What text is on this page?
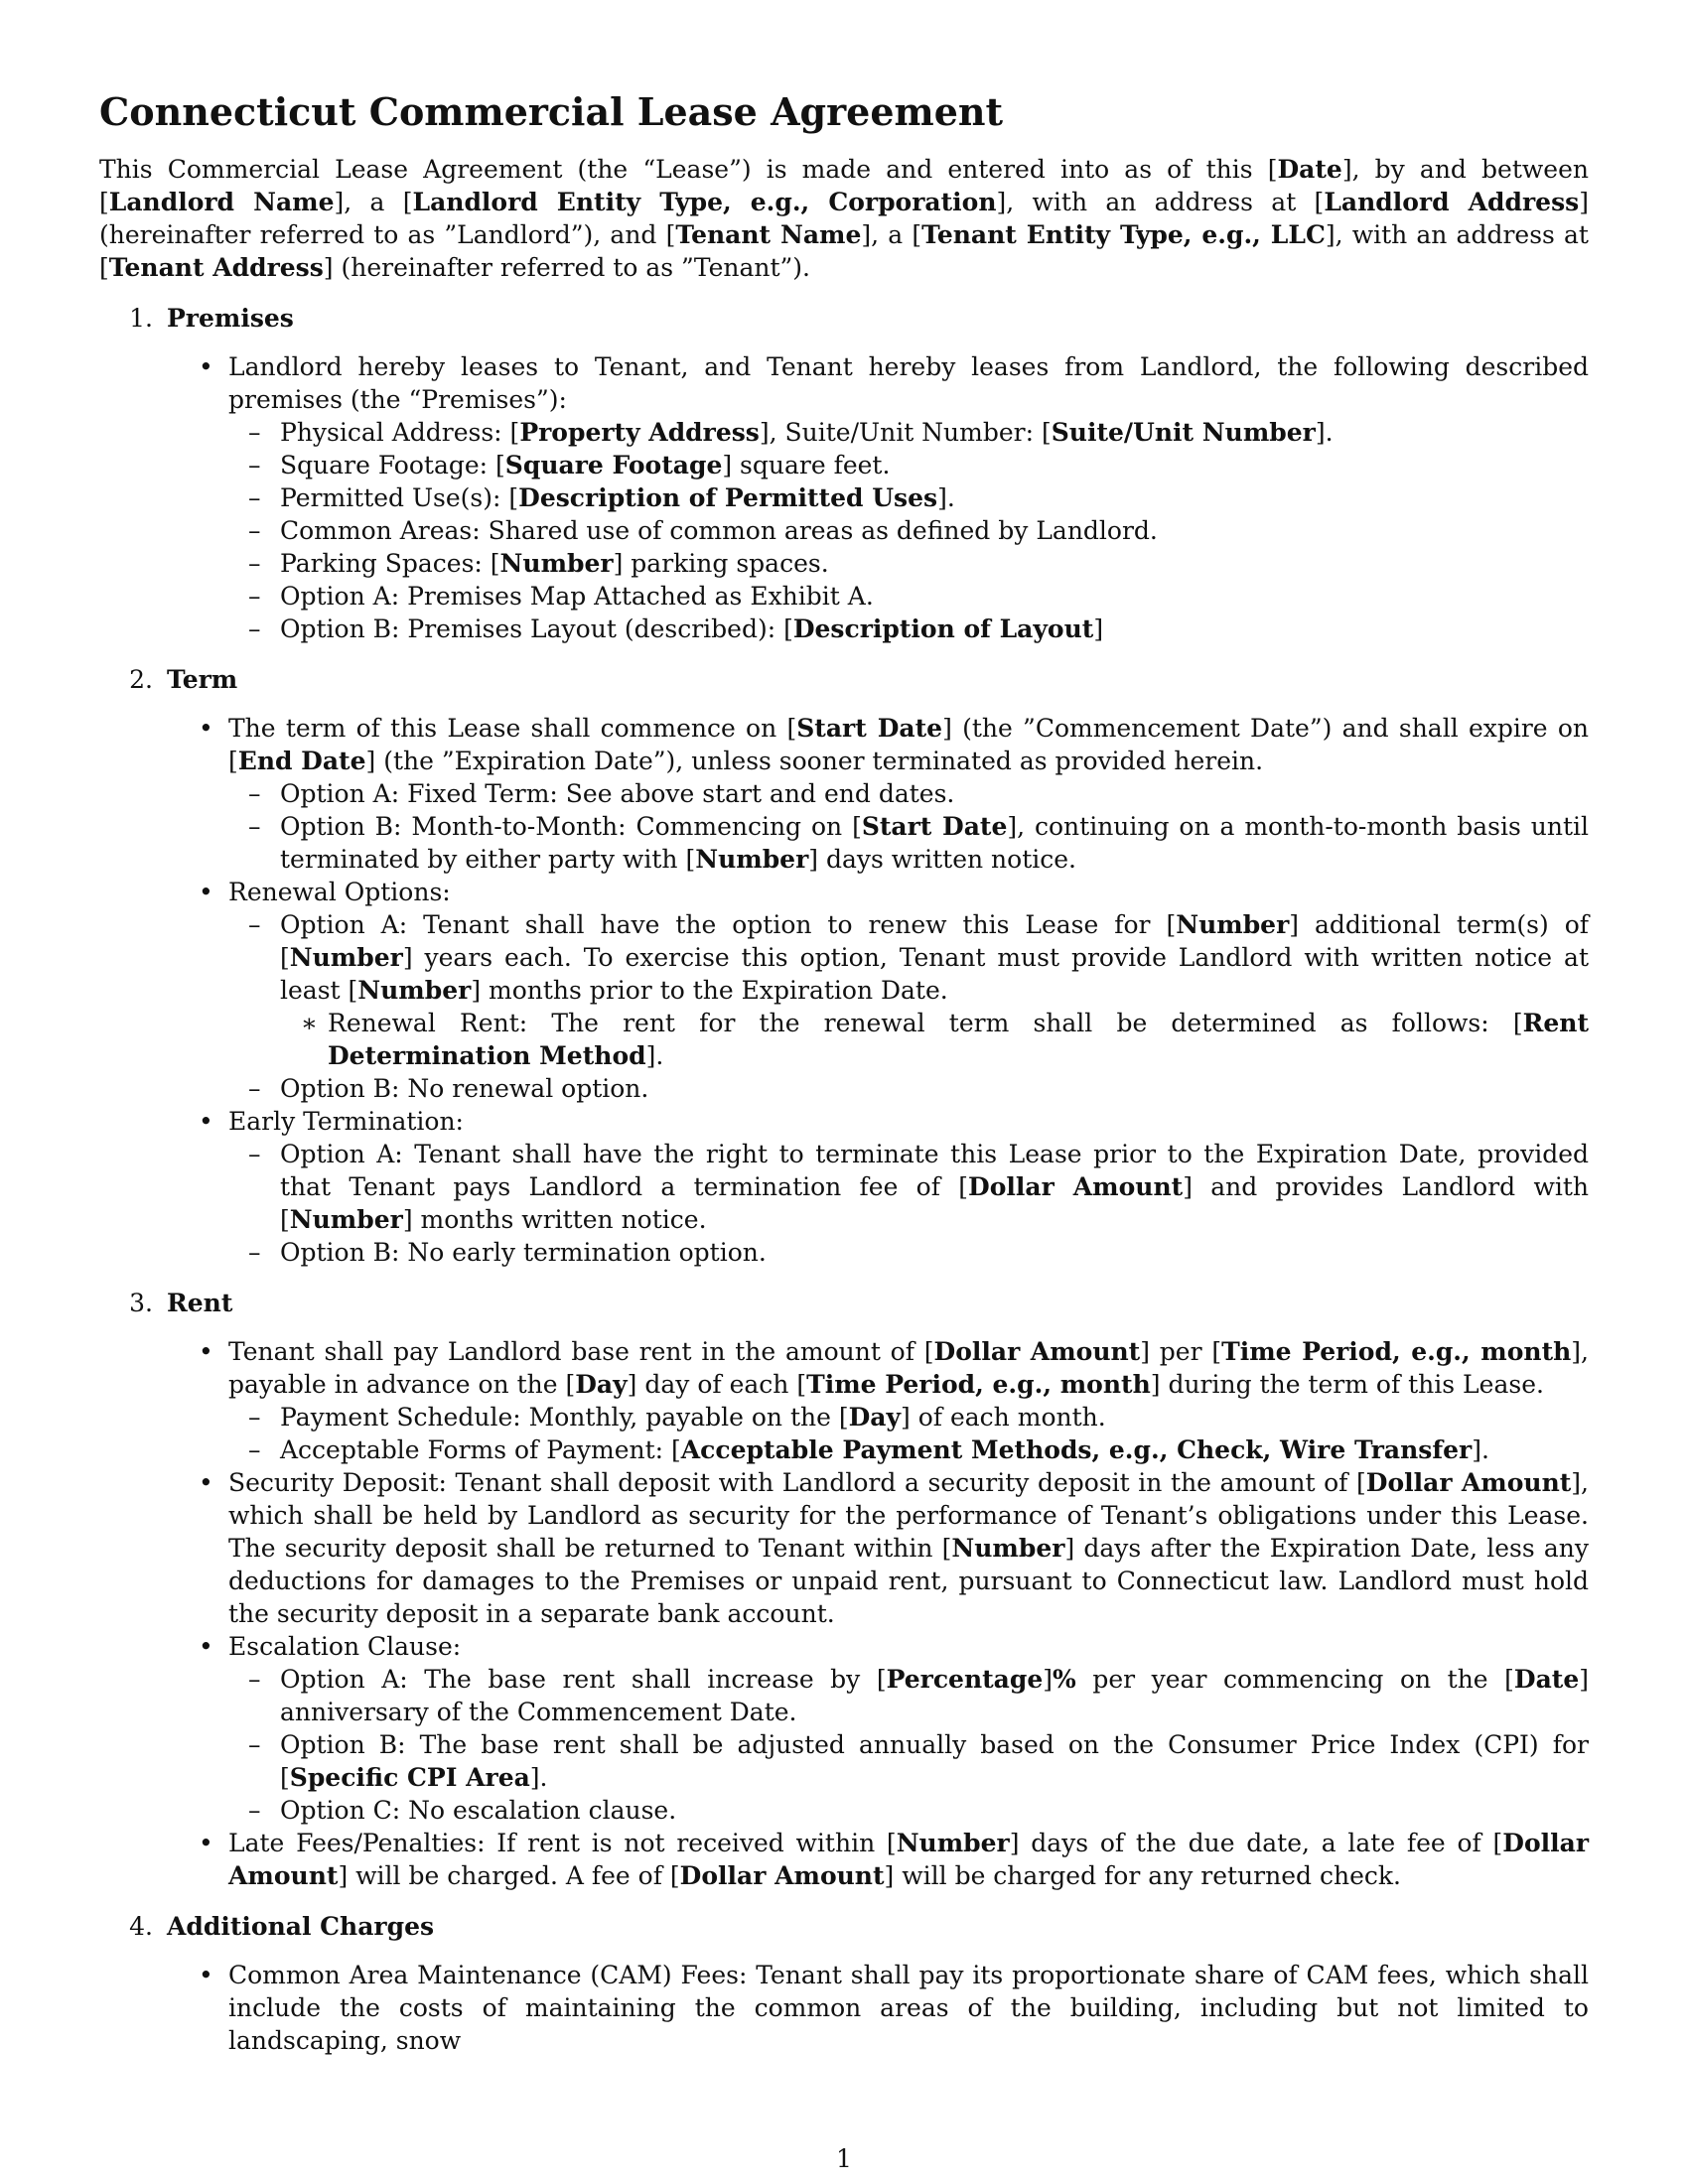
Connecticut Commercial Lease Agreement

This Commercial Lease Agreement (the “Lease”) is made and entered into as of this [Date], by and between [Landlord Name], a [Landlord Entity Type, e.g., Corporation], with an address at [Landlord Address] (hereinafter referred to as ”Landlord”), and [Tenant Name], a [Tenant Entity Type, e.g., LLC], with an address at [Tenant Address] (hereinafter referred to as ”Tenant”).

1. Premises
• Landlord hereby leases to Tenant, and Tenant hereby leases from Landlord, the following described premises (the “Premises”):
– Physical Address: [Property Address], Suite/Unit Number: [Suite/Unit Number].
– Square Footage: [Square Footage] square feet.
– Permitted Use(s): [Description of Permitted Uses].
– Common Areas: Shared use of common areas as defined by Landlord.
– Parking Spaces: [Number] parking spaces.
– Option A: Premises Map Attached as Exhibit A.
– Option B: Premises Layout (described): [Description of Layout]
2. Term
• The term of this Lease shall commence on [Start Date] (the ”Commencement Date”) and shall expire on [End Date] (the ”Expiration Date”), unless sooner terminated as provided herein.
– Option A: Fixed Term: See above start and end dates.
– Option B: Month-to-Month: Commencing on [Start Date], continuing on a month-to-month basis until terminated by either party with [Number] days written notice.
• Renewal Options:
– Option A: Tenant shall have the option to renew this Lease for [Number] additional term(s) of [Number] years each. To exercise this option, Tenant must provide Landlord with written notice at least [Number] months prior to the Expiration Date.
∗ Renewal Rent: The rent for the renewal term shall be determined as follows: [Rent Determination Method].
– Option B: No renewal option.
• Early Termination:
– Option A: Tenant shall have the right to terminate this Lease prior to the Expiration Date, provided that Tenant pays Landlord a termination fee of [Dollar Amount] and provides Landlord with [Number] months written notice.
– Option B: No early termination option.
3. Rent
• Tenant shall pay Landlord base rent in the amount of [Dollar Amount] per [Time Period, e.g., month], payable in advance on the [Day] day of each [Time Period, e.g., month] during the term of this Lease.
– Payment Schedule: Monthly, payable on the [Day] of each month.
– Acceptable Forms of Payment: [Acceptable Payment Methods, e.g., Check, Wire Transfer].
• Security Deposit: Tenant shall deposit with Landlord a security deposit in the amount of [Dollar Amount], which shall be held by Landlord as security for the performance of Tenant’s obligations under this Lease. The security deposit shall be returned to Tenant within [Number] days after the Expiration Date, less any deductions for damages to the Premises or unpaid rent, pursuant to Connecticut law. Landlord must hold the security deposit in a separate bank account.
• Escalation Clause:
– Option A: The base rent shall increase by [Percentage]% per year commencing on the [Date] anniversary of the Commencement Date.
– Option B: The base rent shall be adjusted annually based on the Consumer Price Index (CPI) for [Specific CPI Area].
– Option C: No escalation clause.
• Late Fees/Penalties: If rent is not received within [Number] days of the due date, a late fee of [Dollar Amount] will be charged. A fee of [Dollar Amount] will be charged for any returned check.
4. Additional Charges
• Common Area Maintenance (CAM) Fees: Tenant shall pay its proportionate share of CAM fees, which shall include the costs of maintaining the common areas of the building, including but not limited to landscaping, snow
1
